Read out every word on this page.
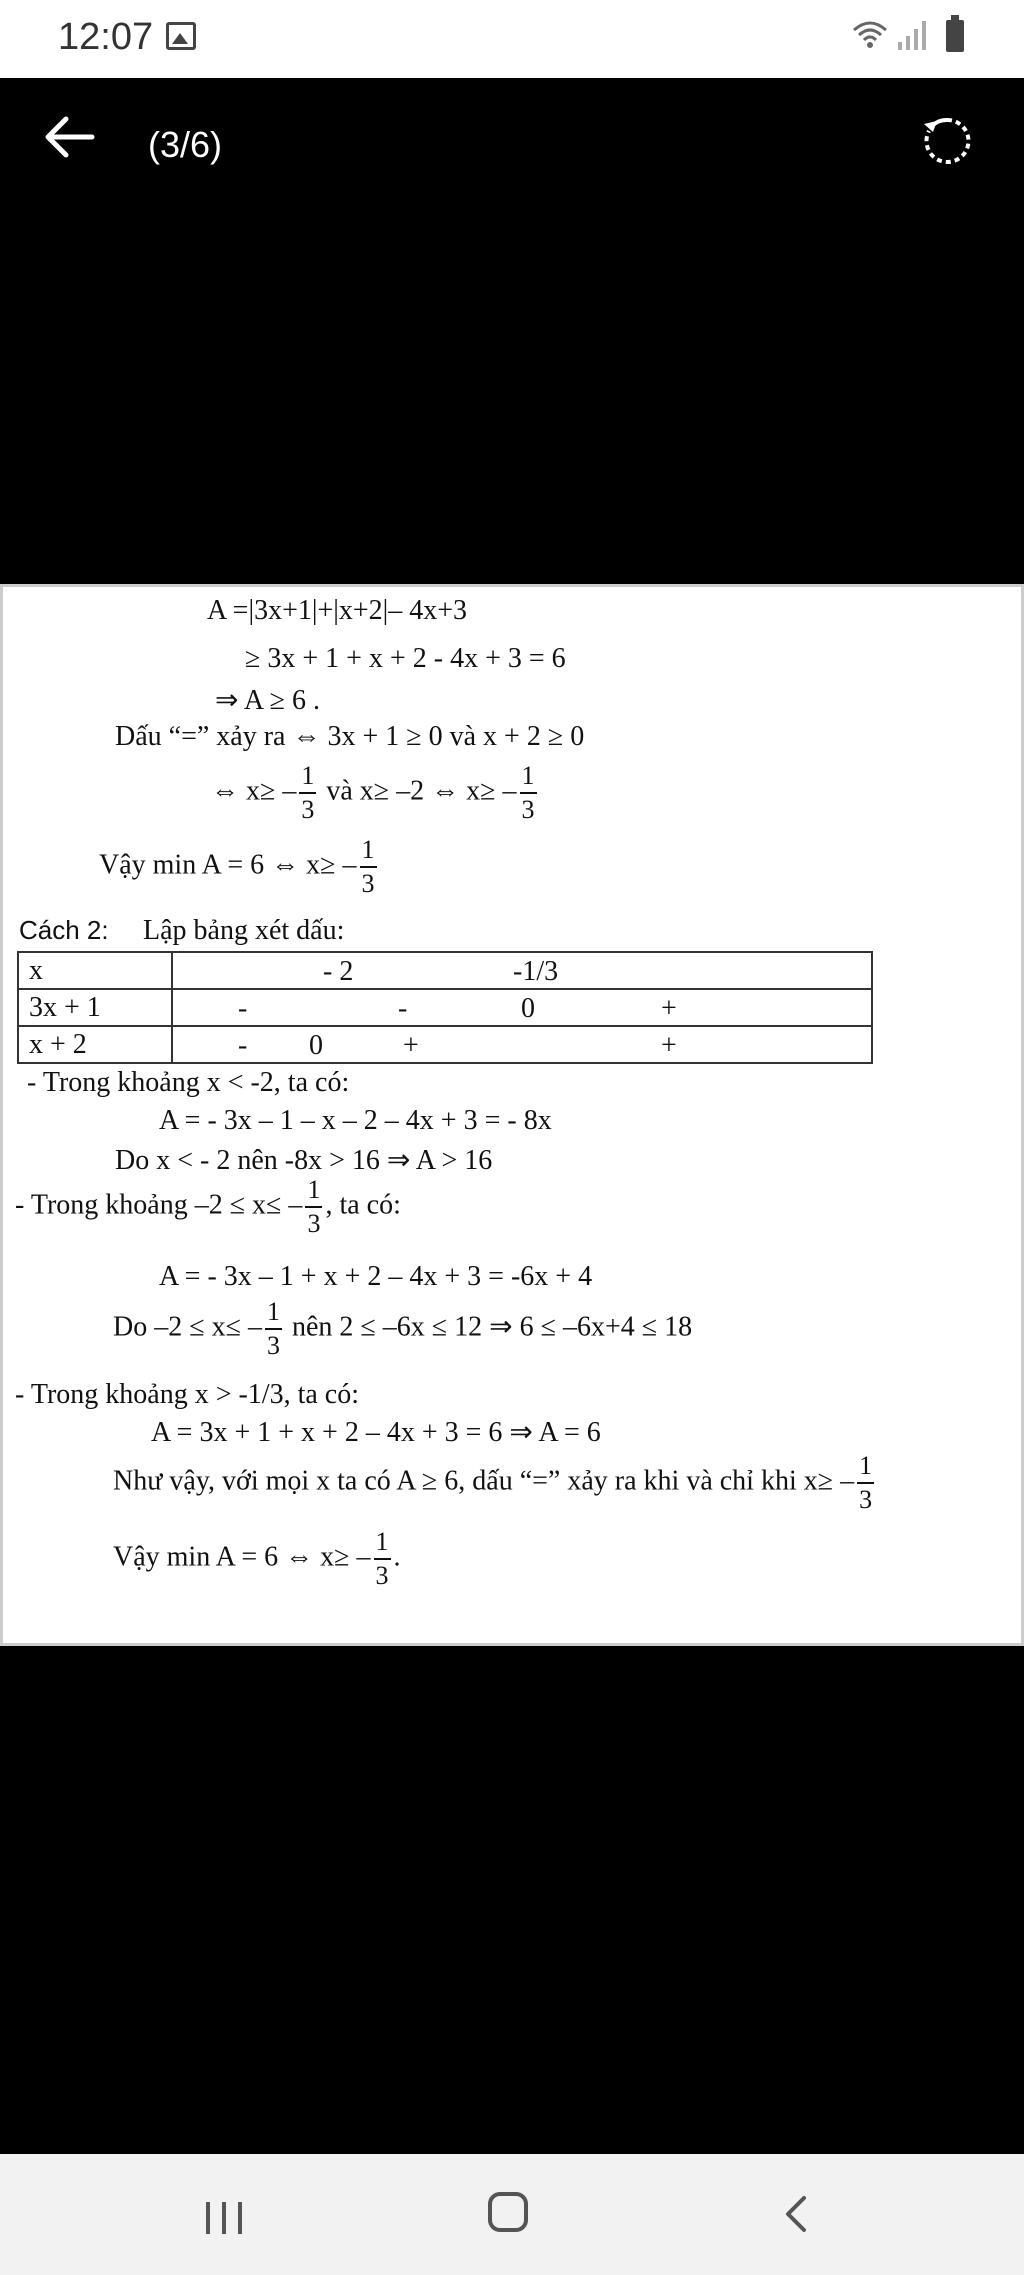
12:07
(3/6)
A =|3x+1|+|x+2|– 4x+3
≥ 3x + 1 + x + 2 - 4x + 3 = 6
⇒ A ≥ 6 .
Dấu “=” xảy ra ⇔ 3x + 1 ≥ 0 và x + 2 ≥ 0
⇔ $x\ge - \frac{1}{3}$ và x≥ –2 ⇔ $x\ge - \frac{1}{3}$
Vậy min A = 6 ⇔ $x\ge - \frac{1}{3}$
Cách 2: Lập bảng xét dấu:
x	- 2 -1/3

3x + 1	- - 0 +

x + 2	- 0 + +
- Trong khoảng x < -2, ta có:
A = - 3x – 1 – x – 2 – 4x + 3 = - 8x
Do x < - 2 nên -8x > 16 ⇒ A > 16
- Trong khoảng $-2 \le x\le - \frac{1}{3}$ , ta có:
A = - 3x – 1 + x + 2 – 4x + 3 = -6x + 4
Do $-2 \le x\le - \frac{1}{3}$ nên 2 ≤ –6x ≤ 12 ⇒ 6 ≤ –6x+4 ≤ 18
- Trong khoảng x > -1/3, ta có:
A = 3x + 1 + x + 2 – 4x + 3 = 6 ⇒ A = 6
Như vậy, với mọi x ta có A ≥ 6, dấu “=” xảy ra khi và chỉ khi $x\ge - \frac{1}{3}$
Vậy min A = 6 ⇔ $x\ge - \frac{1}{3}$ .
